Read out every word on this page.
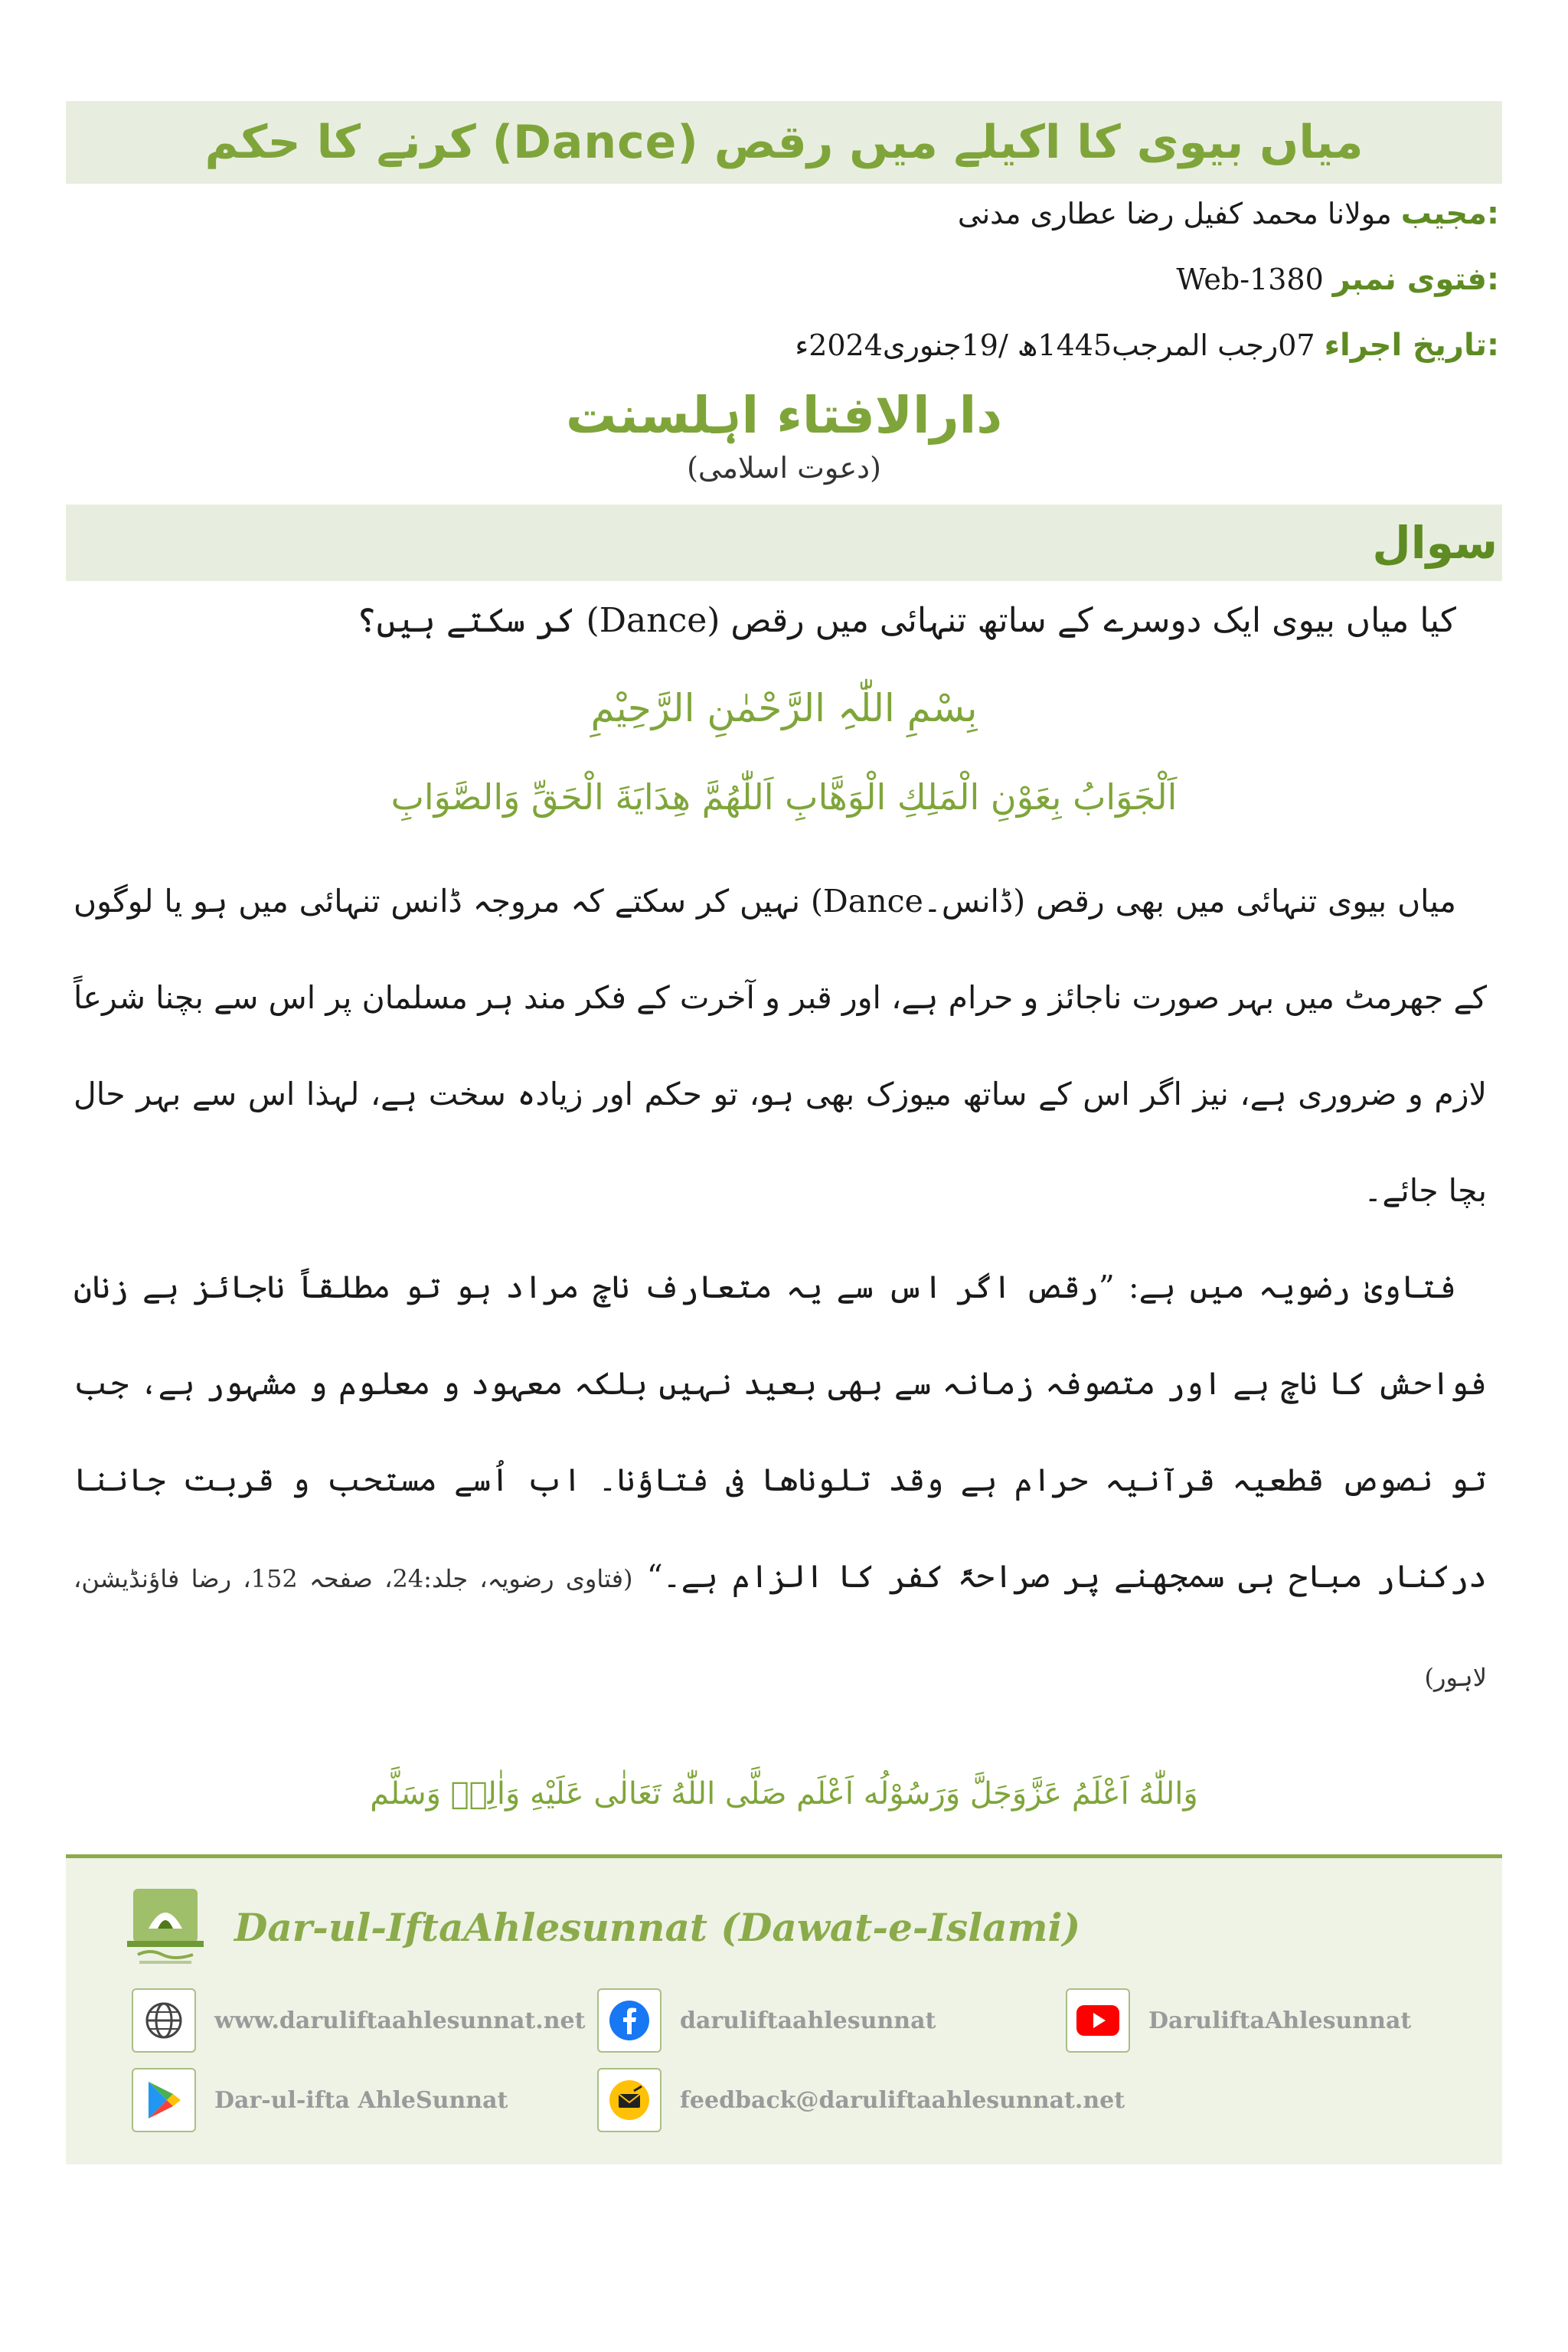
میاں بیوی کا اکیلے میں رقص (Dance) کرنے کا حکم
مجیب:
مولانا محمد کفیل رضا عطاری مدنی
فتوی نمبر:
Web-1380
تاریخ اجراء:
07رجب المرجب1445ھ /19جنوری2024ء
دارالافتاء اہلسنت
(دعوت اسلامی)
سوال
کیا میاں بیوی ایک دوسرے کے ساتھ تنہائی میں رقص (Dance) کر سکتے ہیں؟
بِسْمِ اللّٰہِ الرَّحْمٰنِ الرَّحِیْمِ
اَلْجَوَابُ بِعَوْنِ الْمَلِكِ الْوَهَّابِ اَللّٰهُمَّ هِدَايَةَ الْحَقِّ وَالصَّوَابِ

میاں بیوی تنہائی میں بھی رقص (ڈانس۔Dance) نہیں کر سکتے کہ مروجہ ڈانس تنہائی میں ہو یا لوگوں کے جھرمٹ میں بہر صورت ناجائز و حرام ہے، اور قبر و آخرت کے فکر مند ہر مسلمان پر اس سے بچنا شرعاً لازم و ضروری ہے، نیز اگر اس کے ساتھ میوزک بھی ہو، تو حکم اور زیادہ سخت ہے، لہذا اس سے بہر حال بچا جائے۔

فتاویٰ رضویہ میں ہے: ”رقص اگر اس سے یہ متعارف ناچ مراد ہو تو مطلقاً ناجائز ہے زنانِ فواحش کا ناچ ہے اور متصوفہ زمانہ سے بھی بعید نہیں بلکہ معہود و معلوم و مشہور ہے، جب تو نصوص قطعیہ قرآنیہ حرام ہے وقد تلوناها فی فتاؤنا۔ اب اُسے مستحب و قربت جاننا درکنار مباح ہی سمجھنے پر صراحۃً کفر کا الزام ہے۔“ (فتاوی رضویہ، جلد:24، صفحہ 152، رضا فاؤنڈیشن، لاہور)

وَاللّٰهُ اَعْلَمُ عَزَّوَجَلَّ وَرَسُوْلُه اَعْلَم صَلَّی اللّٰهُ تَعَالٰی عَلَیْهِ وَاٰلِهٖ وَسَلَّم
Dar-ul-IftaAhlesunnat (Dawat-e-Islami)
www.daruliftaahlesunnat.net	daruliftaahlesunnat	DaruliftaAhlesunnat
Dar-ul-ifta AhleSunnat	feedback@daruliftaahlesunnat.net
